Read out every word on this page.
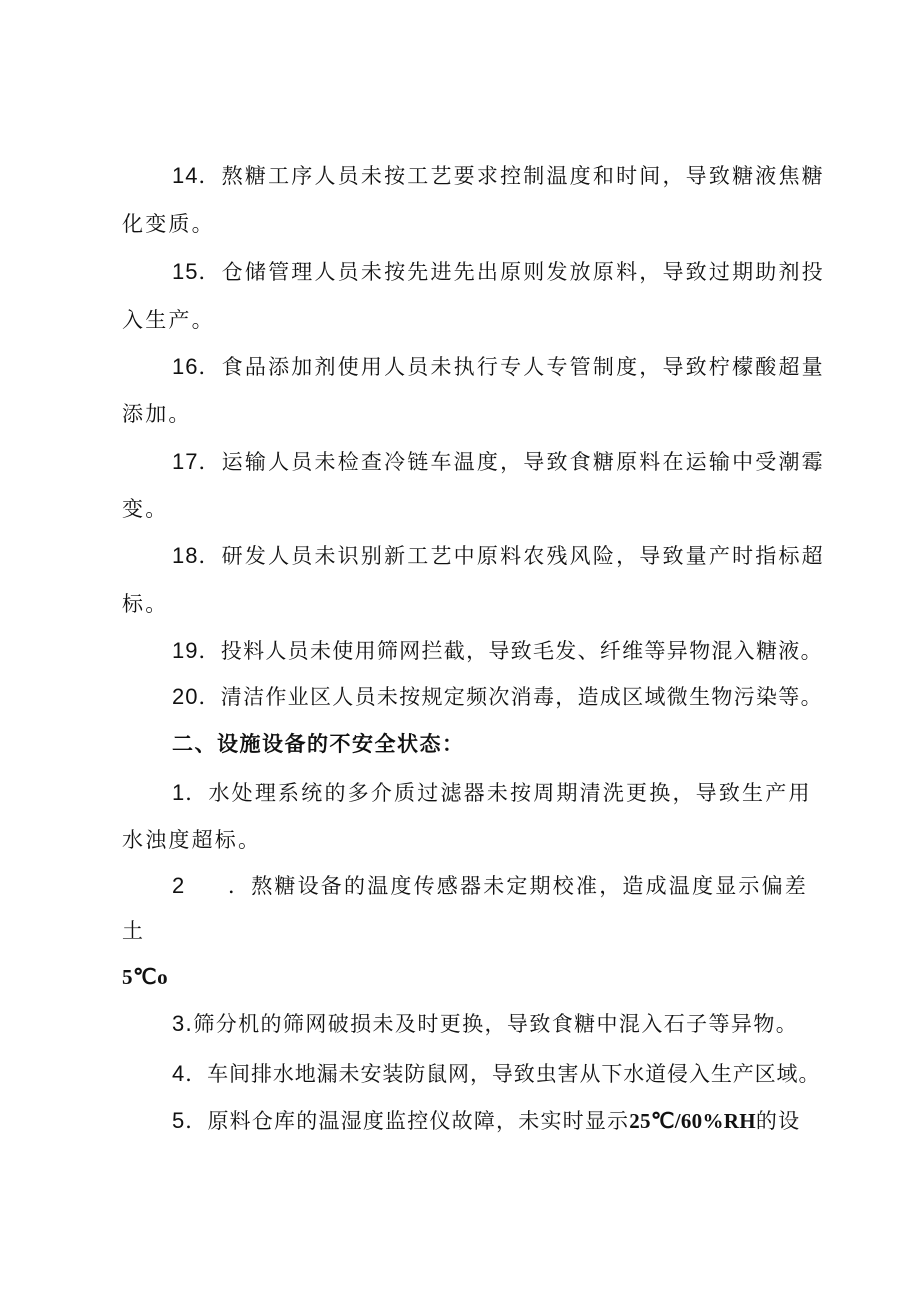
14．熬糖工序人员未按工艺要求控制温度和时间，导致糖液焦糖
化变质。
15．仓储管理人员未按先进先出原则发放原料，导致过期助剂投
入生产。
16．食品添加剂使用人员未执行专人专管制度，导致柠檬酸超量
添加。
17．运输人员未检查冷链车温度，导致食糖原料在运输中受潮霉
变。
18．研发人员未识别新工艺中原料农残风险，导致量产时指标超
标。
19．投料人员未使用筛网拦截，导致毛发、纤维等异物混入糖液。
20．清洁作业区人员未按规定频次消毒，造成区域微生物污染等。
二、设施设备的不安全状态：
1．水处理系统的多介质过滤器未按周期清洗更换，导致生产用
水浊度超标。
2 ．熬糖设备的温度传感器未定期校准，造成温度显示偏差
土
5℃o
3.筛分机的筛网破损未及时更换，导致食糖中混入石子等异物。
4．车间排水地漏未安装防鼠网，导致虫害从下水道侵入生产区域。
5．原料仓库的温湿度监控仪故障，未实时显示25℃/60%RH的设
